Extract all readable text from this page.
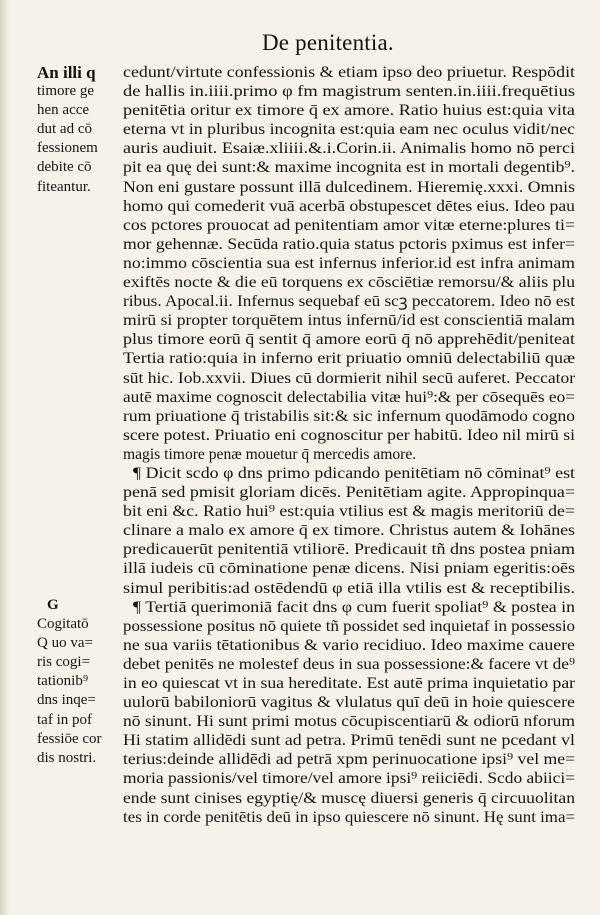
De penitentia.
An illi q
timore ge
hen acce
dut ad cō
fessionem
debite cō
fiteantur.
G
Cogitatō
Q uo va=
ris cogi=
tationib⁹
dns inqe=
taf in pof
fessiōe cor
dis nostri.
cedunt/virtute confessionis & etiam ipso deo priuetur. Respōdit
de hallis in.iiii.primo φ fm magistrum senten.in.iiii.frequētius
penitētia oritur ex timore q̄ ex amore. Ratio huius est:quia vita
eterna vt in pluribus incognita est:quia eam nec oculus vidit/nec
auris audiuit. Esaiæ.xliiii.&.i.Corin.ii. Animalis homo nō perci
pit ea quę dei sunt:& maxime incognita est in mortali degentib⁹.
Non eni gustare possunt illā dulcedinem. Hieremię.xxxi. Omnis
homo qui comederit vuā acerbā obstupescet dētes eius. Ideo pau
cos pctores prouocat ad penitentiam amor vitæ eterne:plures ti=
mor gehennæ. Secūda ratio.quia status pctoris pximus est infer=
no:immo cōscientia sua est infernus inferior.id est infra animam
exiftēs nocte & die eū torquens ex cōsciētiæ remorsu/& aliis plu
ribus. Apocal.ii. Infernus sequebaf eū scꝫ peccatorem. Ideo nō est
mirū si propter torquētem intus infernū/id est conscientiā malam
plus timore eorū q̄ sentit q̄ amore eorū q̄ nō apprehēdit/peniteat
Tertia ratio:quia in inferno erit priuatio omniū delectabiliū quæ
sūt hic. Iob.xxvii. Diues cū dormierit nihil secū auferet. Peccator
autē maxime cognoscit delectabilia vitæ hui⁹:& per cōsequēs eo=
rum priuatione q̄ tristabilis sit:& sic infernum quodāmodo cogno
scere potest. Priuatio eni cognoscitur per habitū. Ideo nil mirū si
magis timore penæ mouetur q̄ mercedis amore.
¶ Dicit scdo φ dns primo pdicando penitētiam nō cōminat⁹ est
penā sed pmisit gloriam dicēs. Penitētiam agite. Appropinqua=
bit eni &c. Ratio hui⁹ est:quia vtilius est & magis meritoriū de=
clinare a malo ex amore q̄ ex timore. Christus autem & Iohānes
predicauerūt penitentiā vtiliorē. Predicauit tñ dns postea pniam
illā iudeis cū cōminatione penæ dicens. Nisi pniam egeritis:oēs
simul peribitis:ad ostēdendū φ etiā illa vtilis est & receptibilis.
¶ Tertiā querimoniā facit dns φ cum fuerit spoliat⁹ & postea in
possessione positus nō quiete tñ possidet sed inquietaf in possessio
ne sua variis tētationibus & vario recidiuo. Ideo maxime cauere
debet penitēs ne molestef deus in sua possessione:& facere vt de⁹
in eo quiescat vt in sua hereditate. Est autē prima inquietatio par
uulorū babiloniorū vagitus & vlulatus quī deū in hoie quiescere
nō sinunt. Hi sunt primi motus cōcupiscentiarū & odiorū nforum
Hi statim allidēdi sunt ad petra. Primū tenēdi sunt ne pcedant vl
terius:deinde allidēdi ad petrā xpm perinuocatione ipsi⁹ vel me=
moria passionis/vel timore/vel amore ipsi⁹ reiiciēdi. Scdo abiici=
ende sunt cinises egyptię/& muscę diuersi generis q̄ circuuolitan
tes in corde penitētis deū in ipso quiescere nō sinunt. Hę sunt ima=
